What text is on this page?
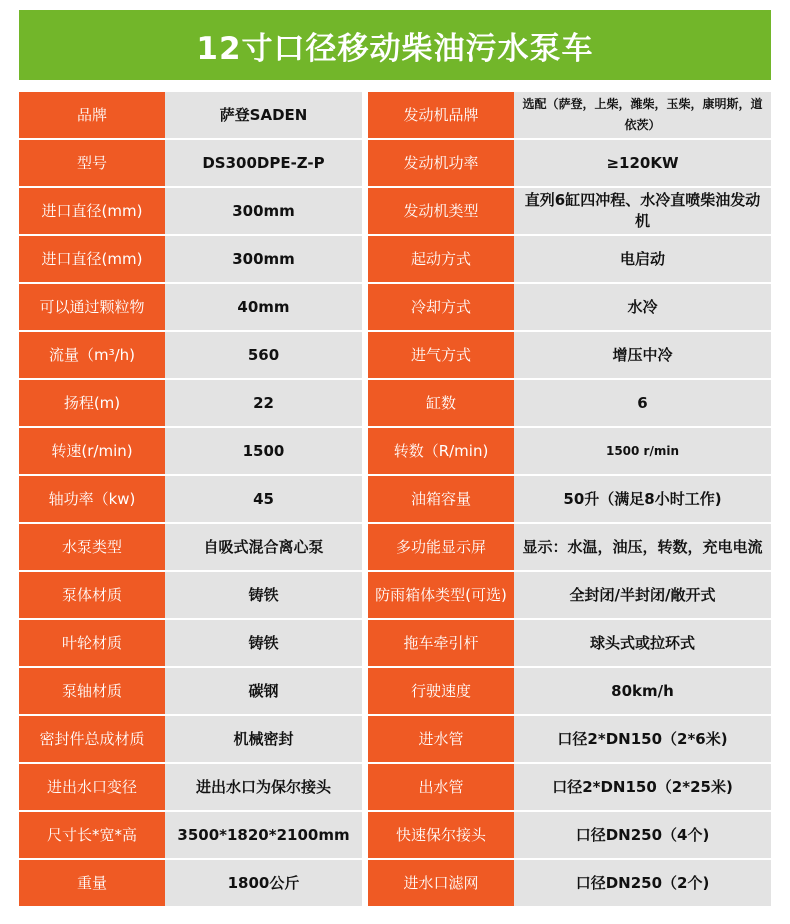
12寸口径移动柴油污水泵车
品牌	萨登SADEN		发动机品牌	选配（萨登，上柴，潍柴，玉柴，康明斯，道依茨）
型号	DS300DPE-Z-P		发动机功率	≥120KW
进口直径(mm)	300mm		发动机类型	直列6缸四冲程、水冷直喷柴油发动机
进口直径(mm)	300mm		起动方式	电启动
可以通过颗粒物	40mm		冷却方式	水冷
流量（m³/h)	560		进气方式	增压中冷
扬程(m)	22		缸数	6
转速(r/min)	1500		转数（R/min)	1500 r/min
轴功率（kw)	45		油箱容量	50升（满足8小时工作)
水泵类型	自吸式混合离心泵		多功能显示屏	显示：水温，油压，转数，充电电流
泵体材质	铸铁		防雨箱体类型(可选)	全封闭/半封闭/敞开式
叶轮材质	铸铁		拖车牵引杆	球头式或拉环式
泵轴材质	碳钢		行驶速度	80km/h
密封件总成材质	机械密封		进水管	口径2*DN150（2*6米)
进出水口变径	进出水口为保尔接头		出水管	口径2*DN150（2*25米)
尺寸长*宽*高	3500*1820*2100mm		快速保尔接头	口径DN250（4个)
重量	1800公斤		进水口滤网	口径DN250（2个)
